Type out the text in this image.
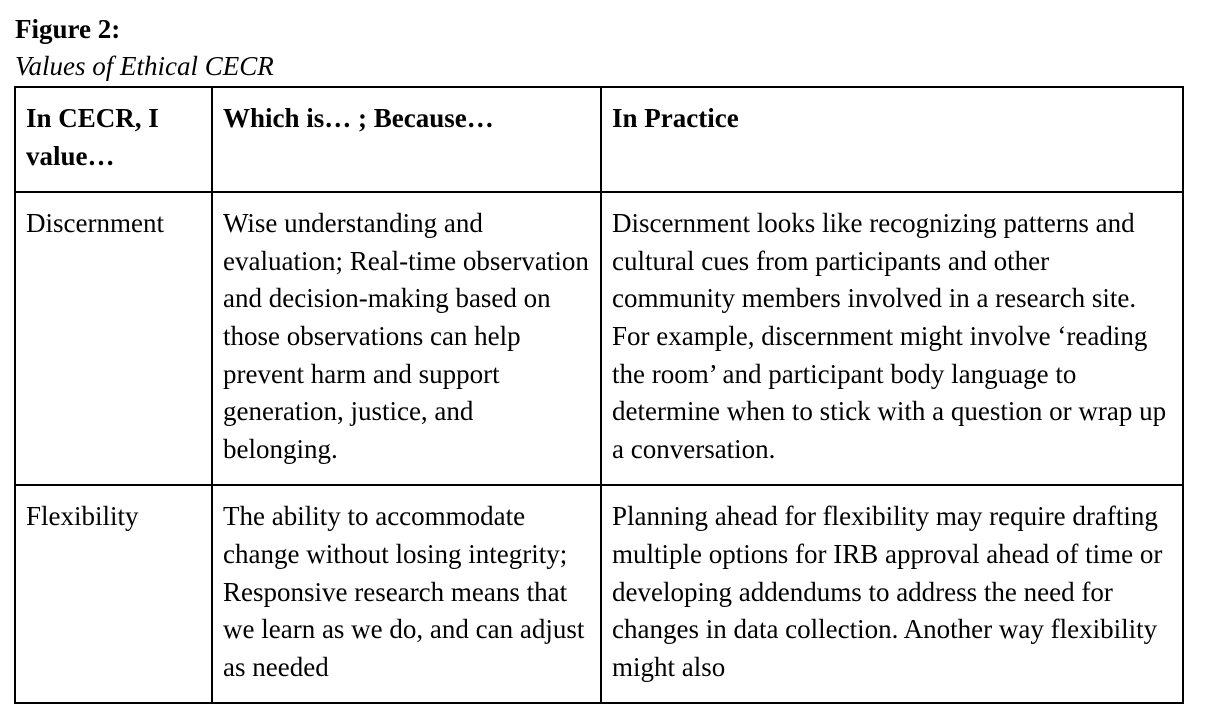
Figure 2:
Values of Ethical CECR
In CECR, I value…	Which is… ; Because…	In Practice
Discernment	Wise understanding and evaluation; Real-time observation and decision-making based on those observations can help prevent harm and support generation, justice, and belonging.	Discernment looks like recognizing patterns and cultural cues from participants and other community members involved in a research site. For example, discernment might involve ‘reading the room’ and participant body language to determine when to stick with a question or wrap up a conversation.
Flexibility	The ability to accommodate change without losing integrity; Responsive research means that we learn as we do, and can adjust as needed	Planning ahead for flexibility may require drafting multiple options for IRB approval ahead of time or developing addendums to address the need for changes in data collection. Another way flexibility might also
